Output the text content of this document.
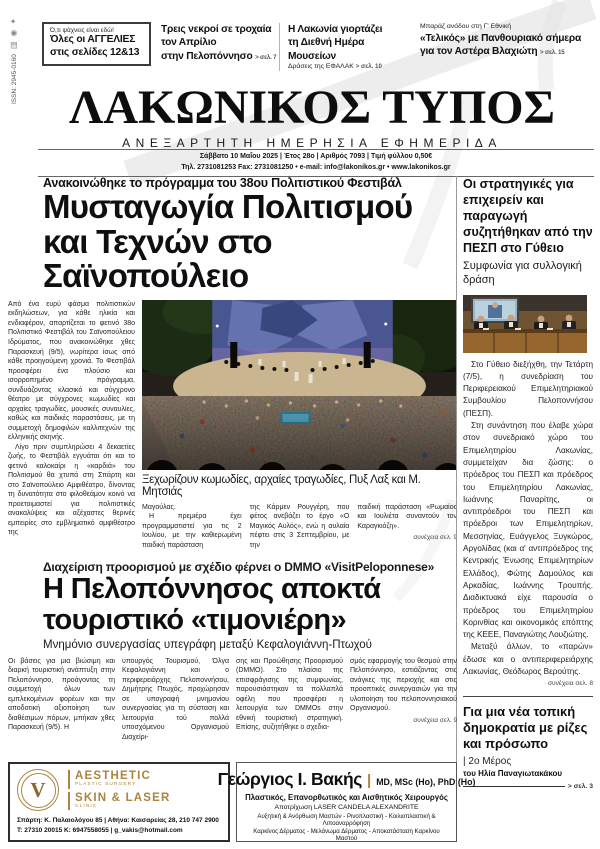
ISSN: 2945-0160
▥
◉
✦
Ό,τι ψάχνεις είναι εδώ!
Όλες οι ΑΓΓΕΛΙΕΣ
στις σελίδες 12&13
Τρεις νεκροί σε τροχαία
τον Απρίλιο
στην Πελοπόννησο > σελ. 7
Η Λακωνία γιορτάζει
τη Διεθνή Ημέρα Μουσείων
Δράσεις της ΕΦΑΛΑΚ > σελ. 10
Μπαράζ ανόδου στη Γ' Εθνική
«Τελικός» με Πανθουριακό σήμερα
για τον Αστέρα Βλαχιώτη > σελ. 15
ΛΑΚΩΝΙΚΟΣ ΤΥΠΟΣ
ΑΝΕΞΑΡΤΗΤΗ ΗΜΕΡΗΣΙΑ ΕΦΗΜΕΡΙΔΑ
Σάββατο 10 Μαΐου 2025 | Έτος 28ο | Αριθμός 7093 | Τιμή φύλλου 0,50€
Τηλ. 2731081253 Fax: 2731081250 • e-mail: info@lakonikos.gr • www.lakonikos.gr
Ανακοινώθηκε το πρόγραμμα του 38ου Πολιτιστικού Φεστιβάλ
Μυσταγωγία Πολιτισμού
και Τεχνών στο Σαϊνοπούλειο

Από ένα ευρύ φάσμα πολιτιστικών εκδηλώσεων, για κάθε ηλικία και ενδιαφέρον, απαρτίζεται το φετινό 38ο Πολιτιστικό Φεστιβάλ του Σαϊνοπούλειου Ιδρύματος, που ανακοινώθηκε χθες Παρασκευή (9/5), νωρίτερα ίσως από κάθε προηγούμενη χρονιά. Το Φεστιβάλ προσφέρει ένα πλούσιο και ισορροπημένο πρόγραμμα, συνδυάζοντας κλασικό και σύγχρονο θέατρο με σύγχρονες κωμωδίες και αρχαίες τραγωδίες, μουσικές συναυλίες, καθώς και παιδικές παραστάσεις, με τη συμμετοχή δημοφιλών καλλιτεχνών της ελληνικής σκηνής.

Λίγο πριν συμπληρώσει 4 δεκαετίες ζωής, το Φεστιβάλ εγγυάται ότι και το φετινό καλοκαίρι η «καρδιά» του Πολιτισμού θα χτυπά στη Σπάρτη και στο Σαϊνοπούλειο Αμφιθέατρο, δίνοντας τη δυνατότητα στο φιλοθεάμον κοινό να προετοιμαστεί για πολιτιστικές ανακαλύψεις και αξέχαστες θερινές εμπειρίες στο εμβληματικό αμφιθέατρο της

Ξεχωρίζουν κωμωδίες, αρχαίες τραγωδίες, Πυξ Λαξ και Μ. Μητσιάς

Μαγούλας.

Η πρεμιέρα έχει προγραμματιστεί για τις 2 Ιουλίου, με την καθιερωμένη παιδική παράσταση

της Κάρμεν Ρουγγέρη, που φέτος ανεβάζει το έργο «Ο Μαγικός Αυλός», ενώ η αυλαία πέφτει στις 3 Σεπτεμβρίου, με την

παιδική παράσταση «Ρωμαίος και Ιουλιέτα συναντούν τον Καραγκιόζη».

συνέχεια σελ. 9
Οι στρατηγικές για επιχειρείν και παραγωγή συζητήθηκαν από την ΠΕΣΠ στο Γύθειο
Συμφωνία για συλλογική δράση

Στο Γύθειο διεξήχθη, την Τετάρτη (7/5), η συνεδρίαση του Περιφερειακού Επιμελητηριακού Συμβουλίου Πελοποννήσου (ΠΕΣΠ).

Στη συνάντηση που έλαβε χώρα στον συνεδριακό χώρο του Επιμελητηρίου Λακωνίας, συμμετείχαν δια ζώσης: ο πρόεδρος του ΠΕΣΠ και πρόεδρος του Επιμελητηρίου Λακωνίας, Ιωάννης Παναρίτης, οι αντιπρόεδροι του ΠΕΣΠ και πρόεδροι των Επιμελητηρίων, Μεσσηνίας, Ευάγγελος Ξυγκώρος, Αργολίδας (και α' αντιπρόεδρος της Κεντρικής Ένωσης Επιμελητηρίων Ελλάδος), Φώτης Δαμούλος και Αρκαδίας, Ιωάννης Τρουπής. Διαδικτυακά είχε παρουσία ο πρόεδρος του Επιμελητηρίου Κορινθίας και οικονομικός επόπτης της ΚΕΕΕ, Παναγιώτης Λουζιώτης.

Μεταξύ άλλων, το «παρών» έδωσε και ο αντιπεριφερειάρχης Λακωνίας, Θεόδωρος Βερούτης.

συνέχεια σελ. 8
Για μια νέα τοπική δημοκρατία με ρίζες και πρόσωπο
| 2ο Μέρος
του Ηλία Παναγιωτακάκου
> σελ. 3
Διαχείριση προορισμού με σχέδιο φέρνει ο DMMO «VisitPeloponnese»
Η Πελοπόννησος αποκτά
τουριστικό «τιμονιέρη»
Μνημόνιο συνεργασίας υπεγράφη μεταξύ Κεφαλογιάννη-Πτωχού

Οι βάσεις για μια βιώσιμη και διαρκή τουριστική ανάπτυξη στην Πελοπόννησο, προάγοντας τη συμμετοχή όλων των εμπλεκομένων φορέων και την αποδοτική αξιοποίηση των διαθέσιμων πόρων, μπήκαν χθες Παρασκευή (9/5). Η

υπουργός Τουρισμού, Όλγα Κεφαλογιάννη και ο περιφερειάρχης Πελοποννήσου, Δημήτρης Πτωχός, προχώρησαν σε υπογραφή μνημονίου συνεργασίας για τη σύσταση και λειτουργία τού πολλά υποσχόμενου Οργανισμού Διαχείρι-

σης και Προώθησης Προορισμού (DMMO). Στο πλαίσιο της επισφράγισης της συμφωνίας, παρουσιάστηκαν τα πολλαπλά οφέλη που προσφέρει η λειτουργία των DMMOs στην εθνική τουριστική στρατηγική. Επίσης, συζητήθηκε ο σχεδια-

σμός εφαρμογής του θεσμού στην Πελοπόννησο, εστιάζοντας στις ανάγκες της περιοχής και στις προοπτικές συνεργασιών για την υλοποίηση του πελοποννησιακού Οργανισμού.

συνέχεια σελ. 9
V
AESTHETIC
PLASTIC SURGERY
SKIN & LASER
CLINIC
Σπάρτη: Κ. Παλαιολόγου 85 | Αθήνα: Καισαρείας 28, 210 747 2900
Τ: 27310 20015 Κ: 6947558055 | g_vakis@hotmail.com
Γεώργιος Ι. Βακής | MD, MSc (Ho), PhD (Ho)
Πλαστικός, Επανορθωτικός και Αισθητικός Χειρουργός
Αποτρίχωση LASER CANDELA ALEXANDRITE
Αυξητική & Ανόρθωση Μαστών - Ρινοπλαστική - Κοιλιοπλαστική & Λιποαναρρόφηση
Καρκίνος Δέρματος - Μελάνωμα Δέρματος - Αποκατάσταση Καρκίνου Μαστού
